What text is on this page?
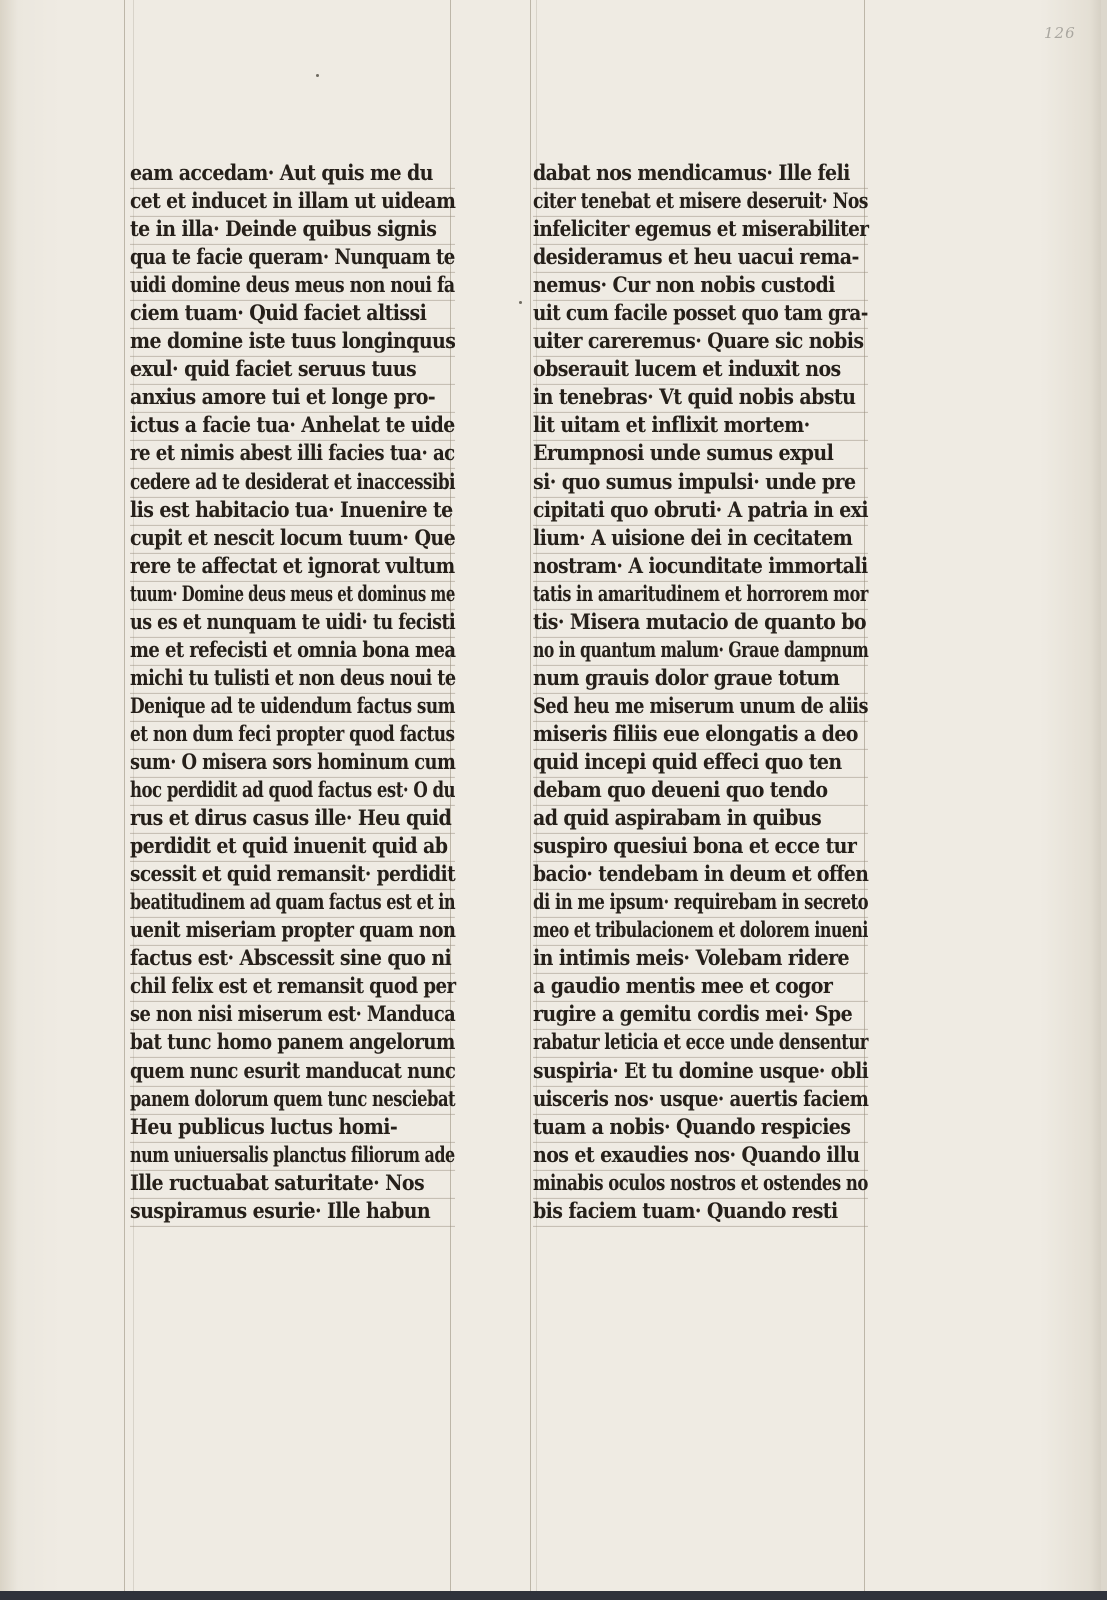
126
eam accedam· Aut quis me du
cet et inducet in illam ut uideam
te in illa· Deinde quibus signis
qua te facie queram· Nunquam te
uidi domine deus meus non noui fa
ciem tuam· Quid faciet altissi
me domine iste tuus longinquus
exul· quid faciet seruus tuus
anxius amore tui et longe pro-
ictus a facie tua· Anhelat te uide
re et nimis abest illi facies tua· ac
cedere ad te desiderat et inaccessibi
lis est habitacio tua· Inuenire te
cupit et nescit locum tuum· Que
rere te affectat et ignorat vultum
tuum· Domine deus meus et dominus me
us es et nunquam te uidi· tu fecisti
me et refecisti et omnia bona mea
michi tu tulisti et non deus noui te
Denique ad te uidendum factus sum
et non dum feci propter quod factus
sum· O misera sors hominum cum
hoc perdidit ad quod factus est· O du
rus et dirus casus ille· Heu quid
perdidit et quid inuenit quid ab
scessit et quid remansit· perdidit
beatitudinem ad quam factus est et in
uenit miseriam propter quam non
factus est· Abscessit sine quo ni
chil felix est et remansit quod per
se non nisi miserum est· Manduca
bat tunc homo panem angelorum
quem nunc esurit manducat nunc
panem dolorum quem tunc nesciebat
Heu publicus luctus homi-
num uniuersalis planctus filiorum ade
Ille ructuabat saturitate· Nos
suspiramus esurie· Ille habun
dabat nos mendicamus· Ille feli
citer tenebat et misere deseruit· Nos
infeliciter egemus et miserabiliter
desideramus et heu uacui rema-
nemus· Cur non nobis custodi
uit cum facile posset quo tam gra-
uiter careremus· Quare sic nobis
obserauit lucem et induxit nos
in tenebras· Vt quid nobis abstu
lit uitam et inflixit mortem·
Erumpnosi unde sumus expul
si· quo sumus impulsi· unde pre
cipitati quo obruti· A patria in exi
lium· A uisione dei in cecitatem
nostram· A iocunditate immortali
tatis in amaritudinem et horrorem mor
tis· Misera mutacio de quanto bo
no in quantum malum· Graue dampnum
num grauis dolor graue totum
Sed heu me miserum unum de aliis
miseris filiis eue elongatis a deo
quid incepi quid effeci quo ten
debam quo deueni quo tendo
ad quid aspirabam in quibus
suspiro quesiui bona et ecce tur
bacio· tendebam in deum et offen
di in me ipsum· requirebam in secreto
meo et tribulacionem et dolorem inueni
in intimis meis· Volebam ridere
a gaudio mentis mee et cogor
rugire a gemitu cordis mei· Spe
rabatur leticia et ecce unde densentur
suspiria· Et tu domine usque· obli
uisceris nos· usque· auertis faciem
tuam a nobis· Quando respicies
nos et exaudies nos· Quando illu
minabis oculos nostros et ostendes no
bis faciem tuam· Quando resti
